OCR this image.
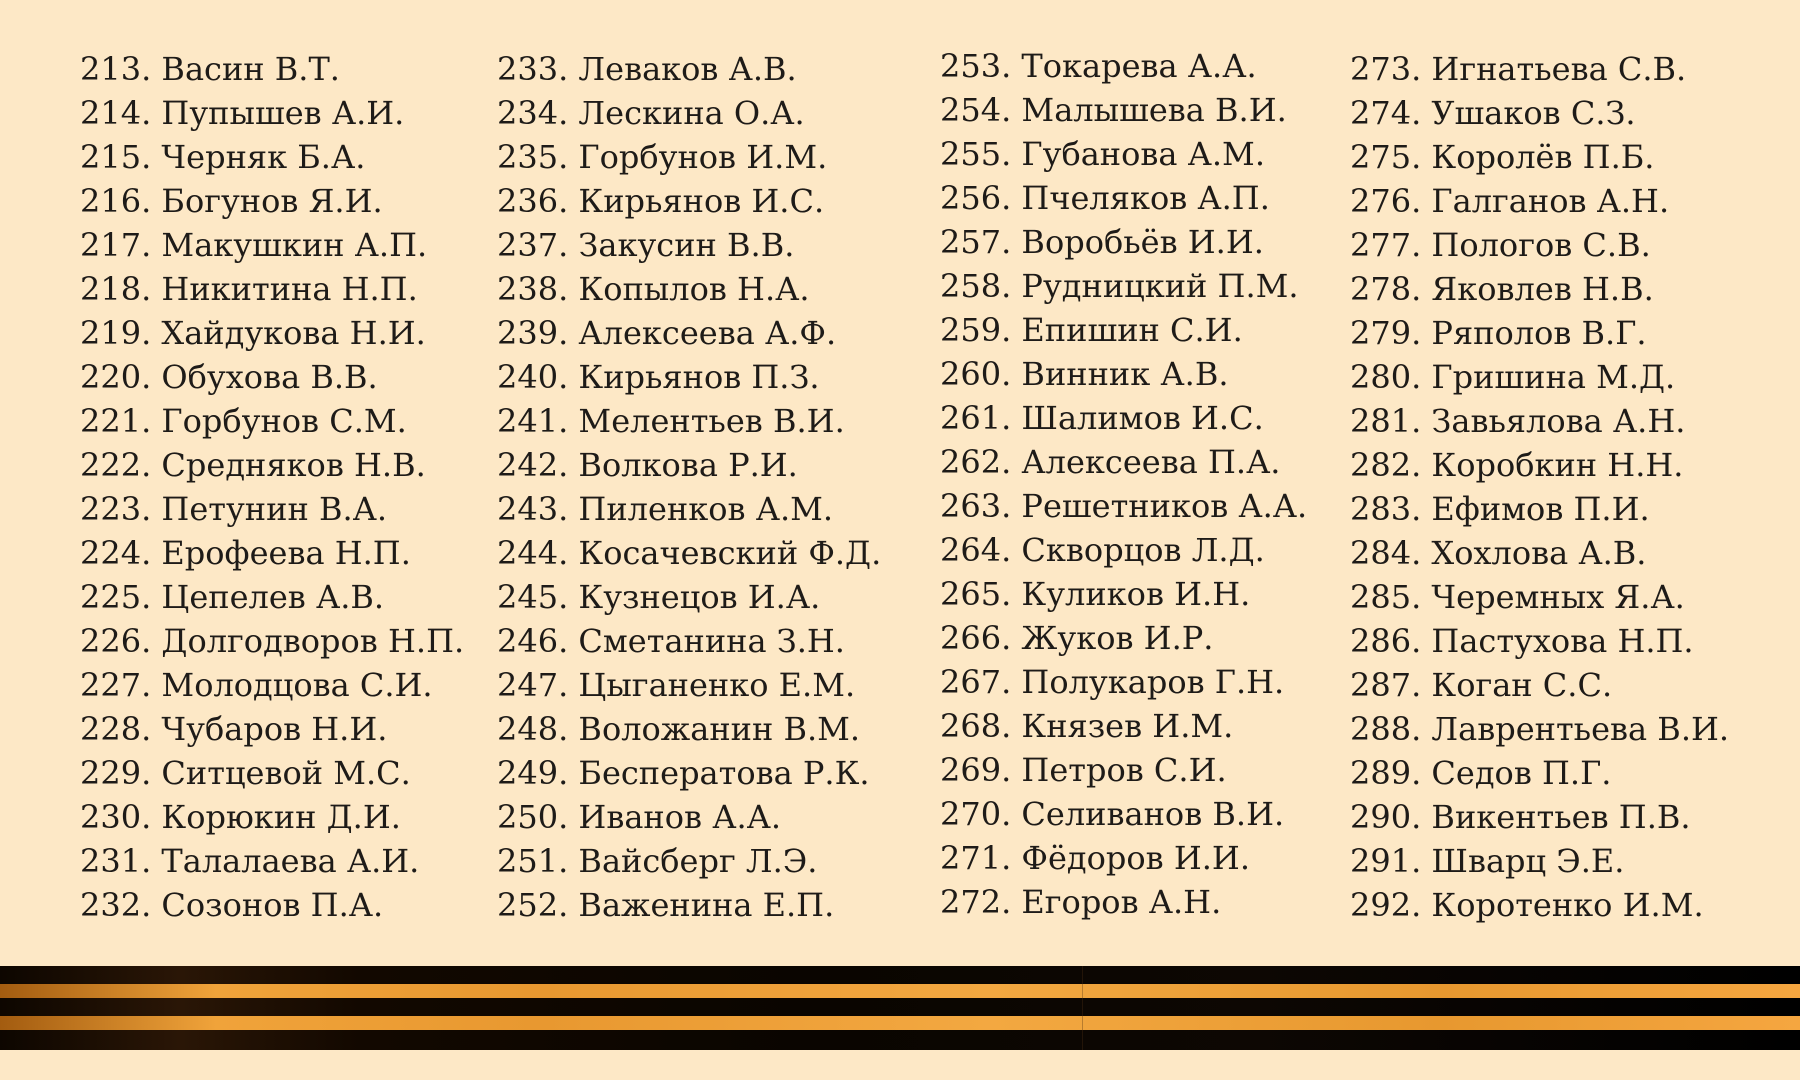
213. Васин В.Т.
214. Пупышев А.И.
215. Черняк Б.А.
216. Богунов Я.И.
217. Макушкин А.П.
218. Никитина Н.П.
219. Хайдукова Н.И.
220. Обухова В.В.
221. Горбунов С.М.
222. Средняков Н.В.
223. Петунин В.А.
224. Ерофеева Н.П.
225. Цепелев А.В.
226. Долгодворов Н.П.
227. Молодцова С.И.
228. Чубаров Н.И.
229. Ситцевой М.С.
230. Корюкин Д.И.
231. Талалаева А.И.
232. Созонов П.А.
233. Леваков А.В.
234. Лескина О.А.
235. Горбунов И.М.
236. Кирьянов И.С.
237. Закусин В.В.
238. Копылов Н.А.
239. Алексеева А.Ф.
240. Кирьянов П.З.
241. Мелентьев В.И.
242. Волкова Р.И.
243. Пиленков А.М.
244. Косачевский Ф.Д.
245. Кузнецов И.А.
246. Сметанина З.Н.
247. Цыганенко Е.М.
248. Воложанин В.М.
249. Бесператова Р.К.
250. Иванов А.А.
251. Вайсберг Л.Э.
252. Важенина Е.П.
253. Токарева А.А.
254. Малышева В.И.
255. Губанова А.М.
256. Пчеляков А.П.
257. Воробьёв И.И.
258. Рудницкий П.М.
259. Епишин С.И.
260. Винник А.В.
261. Шалимов И.С.
262. Алексеева П.А.
263. Решетников А.А.
264. Скворцов Л.Д.
265. Куликов И.Н.
266. Жуков И.Р.
267. Полукаров Г.Н.
268. Князев И.М.
269. Петров С.И.
270. Селиванов В.И.
271. Фёдоров И.И.
272. Егоров А.Н.
273. Игнатьева С.В.
274. Ушаков С.З.
275. Королёв П.Б.
276. Галганов А.Н.
277. Пологов С.В.
278. Яковлев Н.В.
279. Ряполов В.Г.
280. Гришина М.Д.
281. Завьялова А.Н.
282. Коробкин Н.Н.
283. Ефимов П.И.
284. Хохлова А.В.
285. Черемных Я.А.
286. Пастухова Н.П.
287. Коган С.С.
288. Лаврентьева В.И.
289. Седов П.Г.
290. Викентьев П.В.
291. Шварц Э.Е.
292. Коротенко И.М.
